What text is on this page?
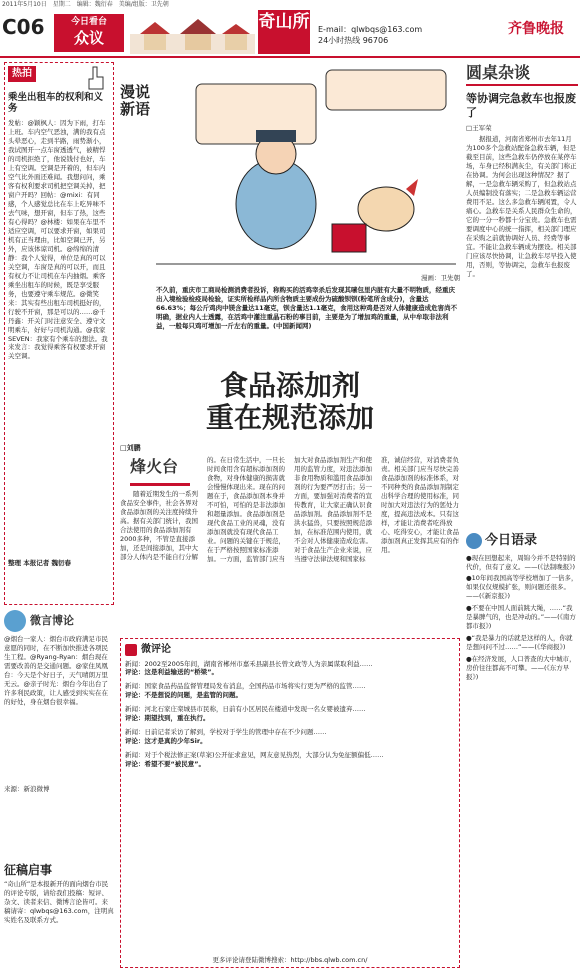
2011年5月10日　星期二　编辑：魏衍春　美编/组版：卫先朝
C06	今日看台
众议
奇山所 E-mail：qlwbqs@163.com
24小时热线 96706
齐鲁晚报
热拍
乘坐出租车的权利和义务
发帖：@颖枫人：因为下雨，打车上班。车内空气恶浊，满的我有点头晕恶心，走到半路，雨势渐小，我试图开一点车窗透透气，被精悍的司机拒绝了，他说钱付也好，车上有空调。空调是开着的，但车内空气比外面还难闻。我想问问，乘客有权利要求司机把空调关掉，把窗户开吗？回帖：@mixi：有同感，个人感觉总比在车上吃异味不去气味，想开窗，但车了热，这些有心得吗？@林楼：如果在车里不适应空调，可以要求开窗，如果司机有正当理由，比如空调已开，另外，应该体谅司机。@绵绵的清静：我个人觉得，单位是真的可以关空调，车窗是真的可以开，而且有权力不让司机在车内抽烟。乘客乘坐出租车的时候，既是享受服务，也要遵守乘车规范。@微笑来：其实有些出租车司机挺好的，行驶不开窗，那是可以的……@千丹鑫：开关门时注意安全、遵守文明乘车，好好与司机沟通。@我家SEVEN：我家有个乘车的想法。我来发言：我觉得乘客有权要求开窗关空调。
整理 本报记者 魏衍春
微言博论
@烟台一家人：烟台市政府满足市民意愿的同时，在不断加快推进各项民生工程。@Ryang-Ryan：烟台现在需要改善的是交通问题。@家住凤凰台：今天是个好日子，天气晴朗万里无云。@亲子时光：烟台今年出台了许多利民政策，让人感受到实实在在的好处，身在烟台很幸福。
来源：新浪微博
征稿启事
“奇山所”是本报新开的面向烟台市民的评论专版，请给我们投稿：短评、杂文、读者来信、微博言论皆可。来稿请寄：qlwbqs@163.com，注明真实姓名及联系方式。
漫说新语
漫画：卫先朝
不久前，重庆市工商局检测消费者投诉，称购买的活鸡宰杀后发现其嗉包里内脏有大量不明物质，经重庆出入境检验检疫局检验，证实所检样品内所含物质主要成份为硫酸钡钡(粉笔所含成分)，含量达66.63%；每公斤鸡肉中镁含量达11毫克，钡含量达1.1毫克，食用这种鸡是否对人体健康造成危害尚不明确，据业内人士透露，在活鸡中灌注重晶石粉的事目前，主要是为了增加鸡的重量，从中牟取非法利益，一般每只鸡可增加一斤左右的重量。(中国新闻网)
食品添加剂
重在规范添加
□刘鹏
烽火台
随着近期发生的一系列食品安全事件，社会各界对食品添加剂的关注度持续升高。据有关部门统计，我国合法使用的食品添加剂有2000多种，不管是直接添加，还是间接添加，其中大部分人体内是不能自行分解的。在日常生活中，一旦长时间食用含有超标添加剂的食物，对身体健康的损害就会慢慢体现出来。现在的问题在于，食品添加剂本身并不可怕，可怕的是非法添加和超量添加。食品添加剂是现代食品工业的灵魂，没有添加剂就没有现代食品工业。问题的关键在于规范，在于严格按照国家标准添加。一方面，监管部门应当加大对食品添加剂生产和使用的监管力度，对违法添加非食用物质和滥用食品添加剂的行为要严厉打击；另一方面，要加强对消费者的宣传教育，让大家正确认识食品添加剂。食品添加剂不是洪水猛兽，只要按照规范添加，在标准范围内使用，就不会对人体健康造成危害。对于食品生产企业来说，应当遵守法律法规和国家标准，诚信经营，对消费者负责。相关部门应当尽快完善食品添加剂的标准体系，对不同种类的食品添加剂制定出科学合理的使用标准，同时加大对违法行为的惩处力度，提高违法成本。只有这样，才能让消费者吃得放心、吃得安心，才能让食品添加剂真正发挥其应有的作用。
微评论
新闻：2002至2005年间，湖南省郴州市嘉禾县副县长曾文政等人为亲属谋取利益……
评论：这是利益输送的“桥梁”。
新闻：国家食品药品监督管理局发布消息，全国药品市场将实行更为严格的监管……
评论：不是想说的问题，是监管的问题。
新闻：河北石家庄栾城县市民称，日前有小区居民在楼道中发现一名女婴被遗弃……
评论：期望找到，重在执行。
新闻：日前记者采访了解到，学校对于学生的管理中存在不少问题……
评论：这才是真的少年Sir。
新闻：对于个税法修正案(草案)公开征求意见，网友意见热烈，大部分认为免征额偏低……
评论：希望不要“被民意”。
更多评论请登陆微博搜索：http://bbs.qlwb.com.cn/
圆桌杂谈
等协调完急救车也报废了
□王军荣
据报道，河南省郑州市去年11月为100多个急救站配备急救车辆，但是截至目前，这些急救车仍停放在某停车场，车身已经积满灰尘，有关部门称正在协调。为何会出现这种情况？据了解，一是急救车辆采购了，但急救站点人员编制没有落实；二是急救车辆运营费用不足。这么多急救车辆闲置，令人痛心。急救车是关系人民群众生命的，它的一分一秒都十分宝贵。急救车也需要调度中心的统一指挥，相关部门理应在采购之前就协调好人员、经费等事宜。不能让急救车辆成为摆设。相关部门应该尽快协调，让急救车尽早投入使用，否则，等协调完，急救车也报废了。
今日语录
●现在回想起来，周锦今并不是特别的代价，但有了意义。——(《法制晚报》)
●10年间我国高等学校增加了一倍多，如果仅仅规模扩张，则问题还很多。——(《新京报》)
●不要在中国人面前跳大绳，……“我是暴脾气的，也是冲动的。”——(《南方都市报》)
●“我是暴力的话就是这样的人，你就是想问问不过……”——(《华商报》)
●在经济发展，人口普查的大中城市，房价往往都高不可攀。——(《东方早报》)
